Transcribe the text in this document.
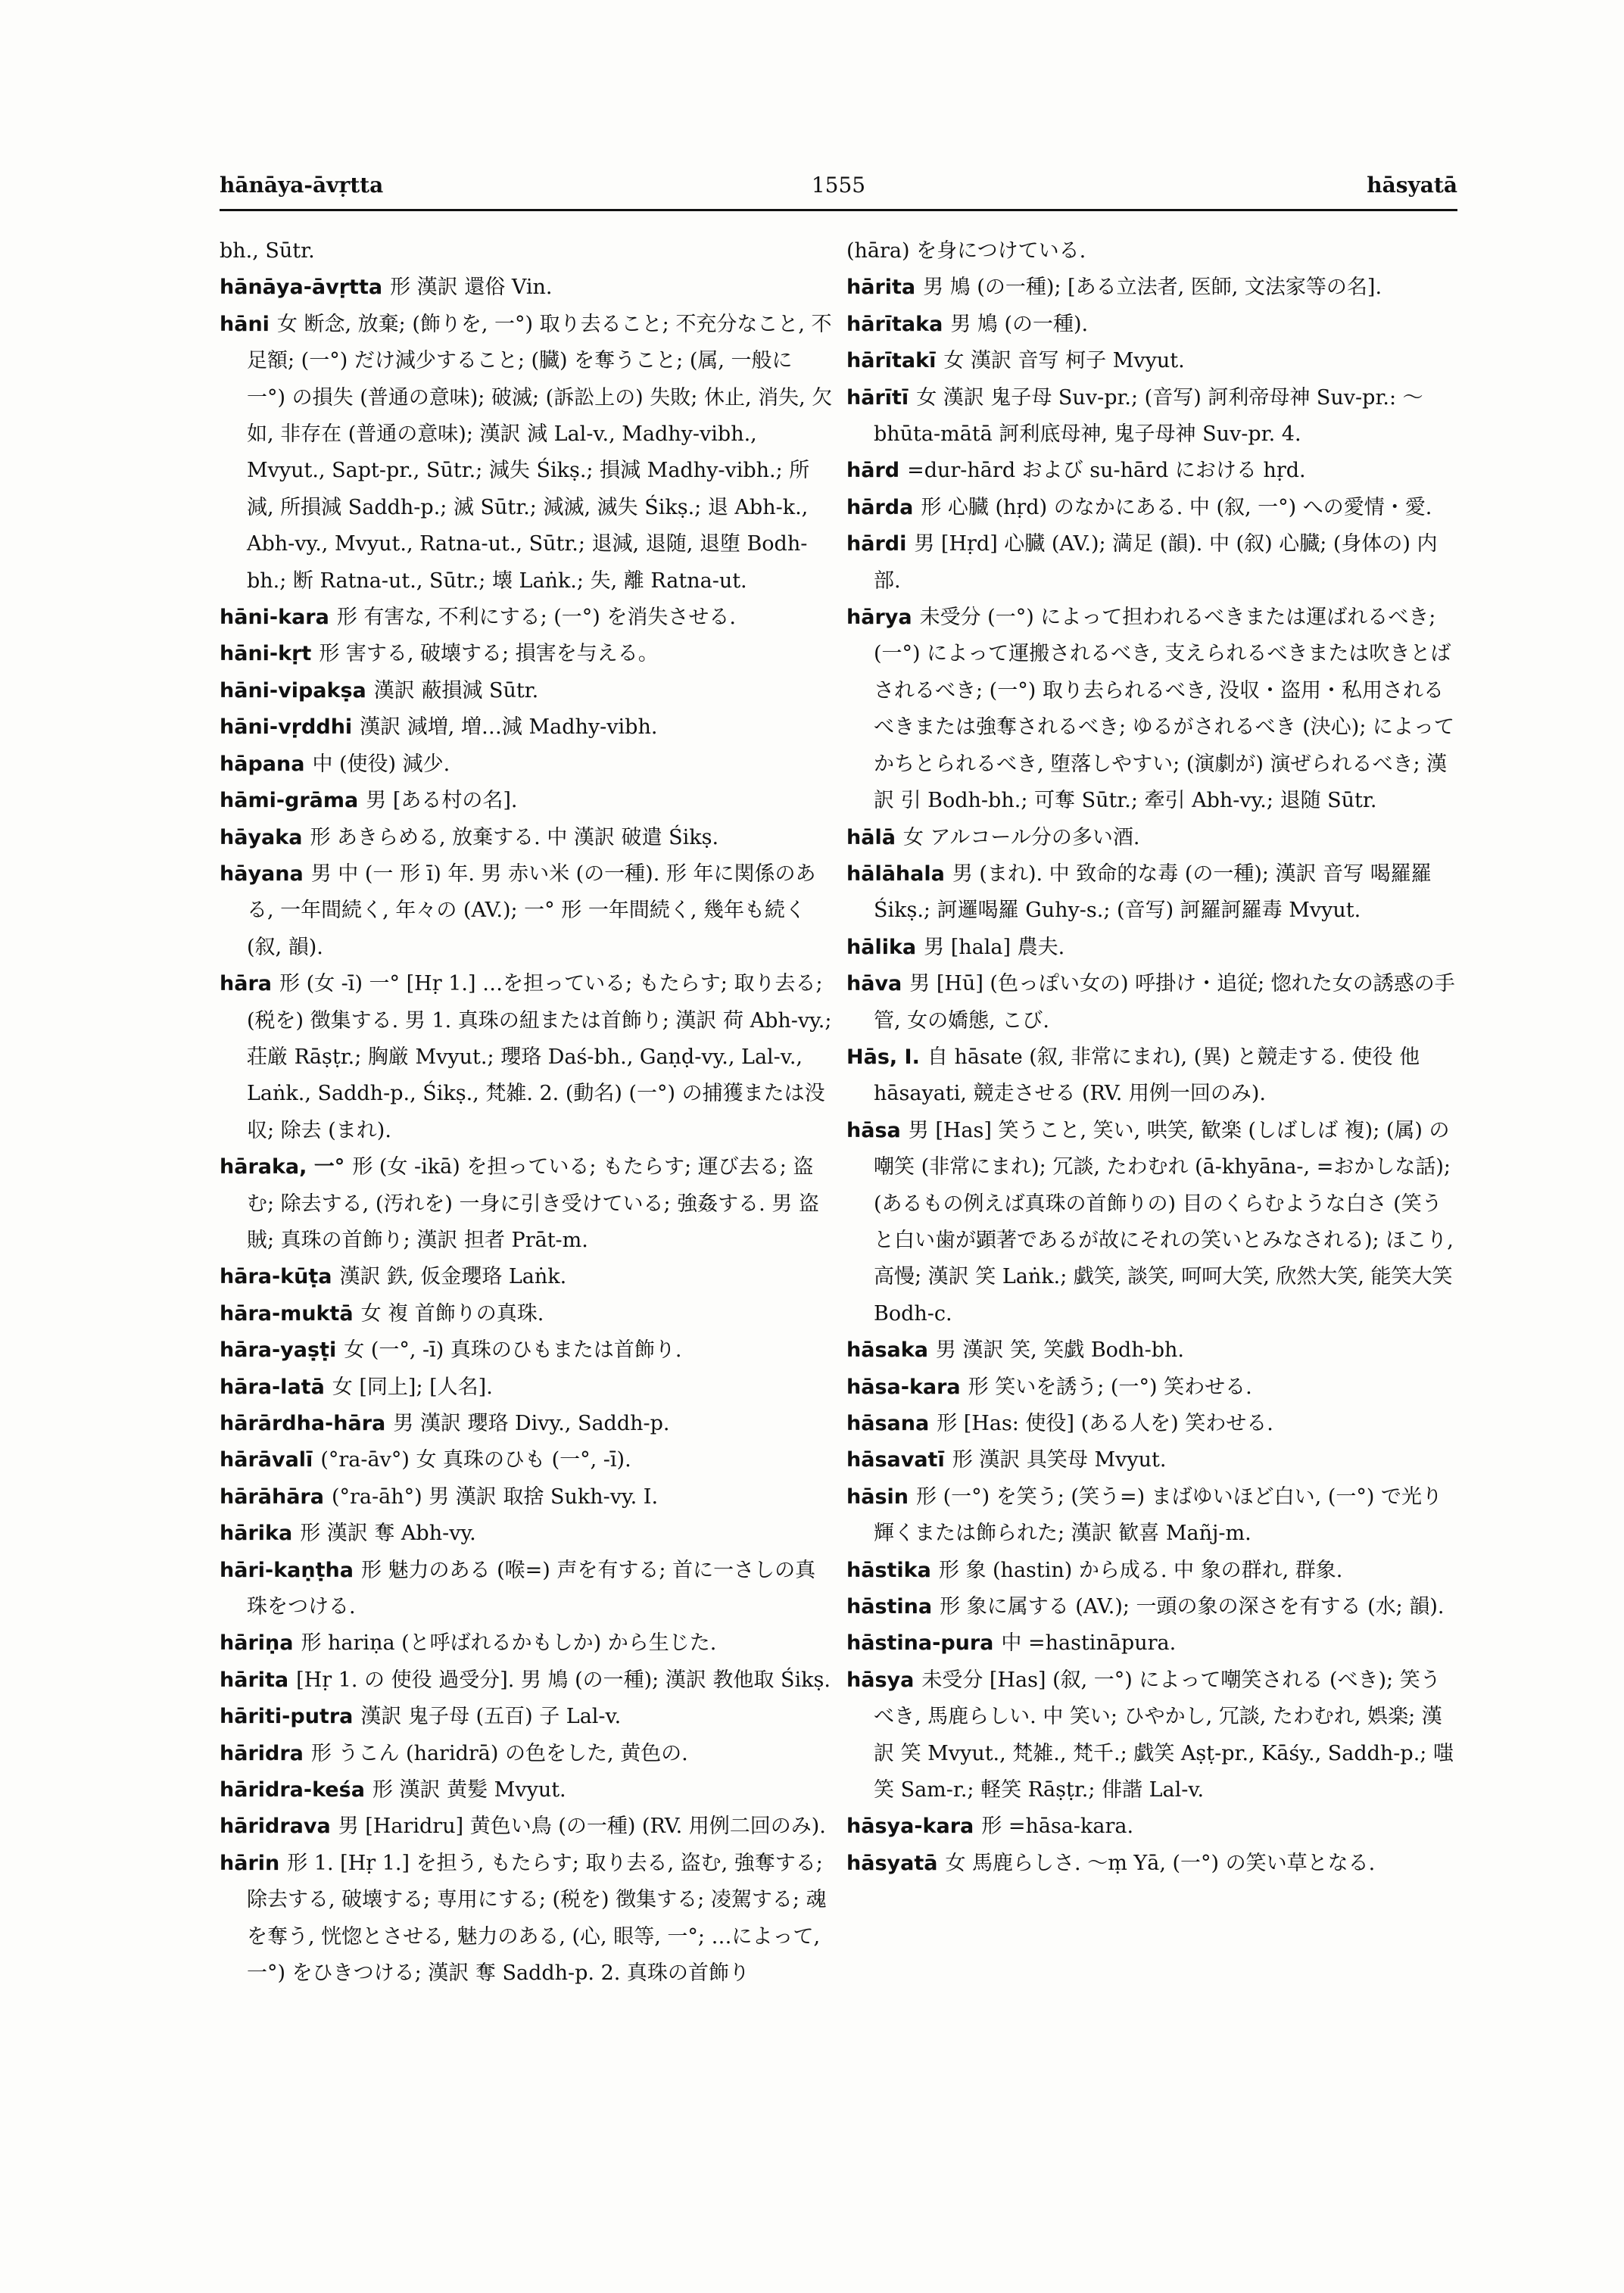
hānāya-āvṛtta	1555	hāsyatā
bh., Sūtr.
hānāya-āvṛtta 形 漢訳 還俗 Vin.
hāni 女 断念, 放棄; (飾りを, 一°) 取り去ること; 不充分なこと, 不足額; (一°) だけ減少すること; (臓) を奪うこと; (属, 一般に 一°) の損失 (普通の意味); 破滅; (訴訟上の) 失敗; 休止, 消失, 欠如, 非存在 (普通の意味); 漢訳 減 Lal-v., Madhy-vibh., Mvyut., Sapt-pr., Sūtr.; 減失 Śikṣ.; 損減 Madhy-vibh.; 所減, 所損減 Saddh-p.; 滅 Sūtr.; 減滅, 滅失 Śikṣ.; 退 Abh-k., Abh-vy., Mvyut., Ratna-ut., Sūtr.; 退減, 退随, 退堕 Bodh-bh.; 断 Ratna-ut., Sūtr.; 壊 Laṅk.; 失, 離 Ratna-ut.
hāni-kara 形 有害な, 不利にする; (一°) を消失させる.
hāni-kṛt 形 害する, 破壊する; 損害を与える。
hāni-vipakṣa 漢訳 蔽損減 Sūtr.
hāni-vṛddhi 漢訳 減増, 増…減 Madhy-vibh.
hāpana 中 (使役) 減少.
hāmi-grāma 男 [ある村の名].
hāyaka 形 あきらめる, 放棄する. 中 漢訳 破遣 Śikṣ.
hāyana 男 中 (一 形 ī) 年. 男 赤い米 (の一種). 形 年に関係のある, 一年間続く, 年々の (AV.); 一° 形 一年間続く, 幾年も続く (叙, 韻).
hāra 形 (女 -ī) 一° [Hṛ 1.] …を担っている; もたらす; 取り去る; (税を) 徴集する. 男 1. 真珠の紐または首飾り; 漢訳 荷 Abh-vy.; 荘厳 Rāṣṭr.; 胸厳 Mvyut.; 瓔珞 Daś-bh., Gaṇḍ-vy., Lal-v., Laṅk., Saddh-p., Śikṣ., 梵雑. 2. (動名) (一°) の捕獲または没収; 除去 (まれ).
hāraka, 一° 形 (女 -ikā) を担っている; もたらす; 運び去る; 盗む; 除去する, (汚れを) 一身に引き受けている; 強姦する. 男 盗賊; 真珠の首飾り; 漢訳 担者 Prāt-m.
hāra-kūṭa 漢訳 鉄, 仮金瓔珞 Laṅk.
hāra-muktā 女 複 首飾りの真珠.
hāra-yaṣṭi 女 (一°, -ī) 真珠のひもまたは首飾り.
hāra-latā 女 [同上]; [人名].
hārārdha-hāra 男 漢訳 瓔珞 Divy., Saddh-p.
hārāvalī (°ra-āv°) 女 真珠のひも (一°, -ī).
hārāhāra (°ra-āh°) 男 漢訳 取捨 Sukh-vy. I.
hārika 形 漢訳 奪 Abh-vy.
hāri-kaṇṭha 形 魅力のある (喉=) 声を有する; 首に一さしの真珠をつける.
hāriṇa 形 hariṇa (と呼ばれるかもしか) から生じた.
hārita [Hṛ 1. の 使役 過受分]. 男 鳩 (の一種); 漢訳 教他取 Śikṣ.
hāriti-putra 漢訳 鬼子母 (五百) 子 Lal-v.
hāridra 形 うこん (haridrā) の色をした, 黄色の.
hāridra-keśa 形 漢訳 黄髪 Mvyut.
hāridrava 男 [Haridru] 黄色い鳥 (の一種) (RV. 用例二回のみ).
hārin 形 1. [Hṛ 1.] を担う, もたらす; 取り去る, 盗む, 強奪する; 除去する, 破壊する; 専用にする; (税を) 徴集する; 凌駕する; 魂を奪う, 恍惚とさせる, 魅力のある, (心, 眼等, 一°; …によって, 一°) をひきつける; 漢訳 奪 Saddh-p. 2. 真珠の首飾り
(hāra) を身につけている.
hārita 男 鳩 (の一種); [ある立法者, 医師, 文法家等の名].
hārītaka 男 鳩 (の一種).
hārītakī 女 漢訳 音写 柯子 Mvyut.
hārītī 女 漢訳 鬼子母 Suv-pr.; (音写) 訶利帝母神 Suv-pr.: ～bhūta-mātā 訶利底母神, 鬼子母神 Suv-pr. 4.
hārd =dur-hārd および su-hārd における hṛd.
hārda 形 心臓 (hṛd) のなかにある. 中 (叙, 一°) への愛情・愛.
hārdi 男 [Hṛd] 心臓 (AV.); 満足 (韻). 中 (叙) 心臓; (身体の) 内部.
hārya 未受分 (一°) によって担われるべきまたは運ばれるべき; (一°) によって運搬されるべき, 支えられるべきまたは吹きとばされるべき; (一°) 取り去られるべき, 没収・盗用・私用されるべきまたは強奪されるべき; ゆるがされるべき (決心); によってかちとられるべき, 堕落しやすい; (演劇が) 演ぜられるべき; 漢訳 引 Bodh-bh.; 可奪 Sūtr.; 牽引 Abh-vy.; 退随 Sūtr.
hālā 女 アルコール分の多い酒.
hālāhala 男 (まれ). 中 致命的な毒 (の一種); 漢訳 音写 喝羅羅 Śikṣ.; 訶邏喝羅 Guhy-s.; (音写) 訶羅訶羅毒 Mvyut.
hālika 男 [hala] 農夫.
hāva 男 [Hū] (色っぽい女の) 呼掛け・追従; 惚れた女の誘惑の手管, 女の嬌態, こび.
Hās, I. 自 hāsate (叙, 非常にまれ), (異) と競走する. 使役 他 hāsayati, 競走させる (RV. 用例一回のみ).
hāsa 男 [Has] 笑うこと, 笑い, 哄笑, 歓楽 (しばしば 複); (属) の嘲笑 (非常にまれ); 冗談, たわむれ (ā-khyāna-, =おかしな話); (あるもの例えば真珠の首飾りの) 目のくらむような白さ (笑うと白い歯が顕著であるが故にそれの笑いとみなされる); ほこり, 高慢; 漢訳 笑 Laṅk.; 戯笑, 談笑, 呵呵大笑, 欣然大笑, 能笑大笑 Bodh-c.
hāsaka 男 漢訳 笑, 笑戯 Bodh-bh.
hāsa-kara 形 笑いを誘う; (一°) 笑わせる.
hāsana 形 [Has: 使役] (ある人を) 笑わせる.
hāsavatī 形 漢訳 具笑母 Mvyut.
hāsin 形 (一°) を笑う; (笑う=) まばゆいほど白い, (一°) で光り輝くまたは飾られた; 漢訳 歓喜 Mañj-m.
hāstika 形 象 (hastin) から成る. 中 象の群れ, 群象.
hāstina 形 象に属する (AV.); 一頭の象の深さを有する (水; 韻).
hāstina-pura 中 =hastināpura.
hāsya 未受分 [Has] (叙, 一°) によって嘲笑される (べき); 笑うべき, 馬鹿らしい. 中 笑い; ひやかし, 冗談, たわむれ, 娯楽; 漢訳 笑 Mvyut., 梵雑., 梵千.; 戯笑 Aṣṭ-pr., Kāśy., Saddh-p.; 嗤笑 Sam-r.; 軽笑 Rāṣṭr.; 俳諧 Lal-v.
hāsya-kara 形 =hāsa-kara.
hāsyatā 女 馬鹿らしさ. ～ṃ Yā, (一°) の笑い草となる.
